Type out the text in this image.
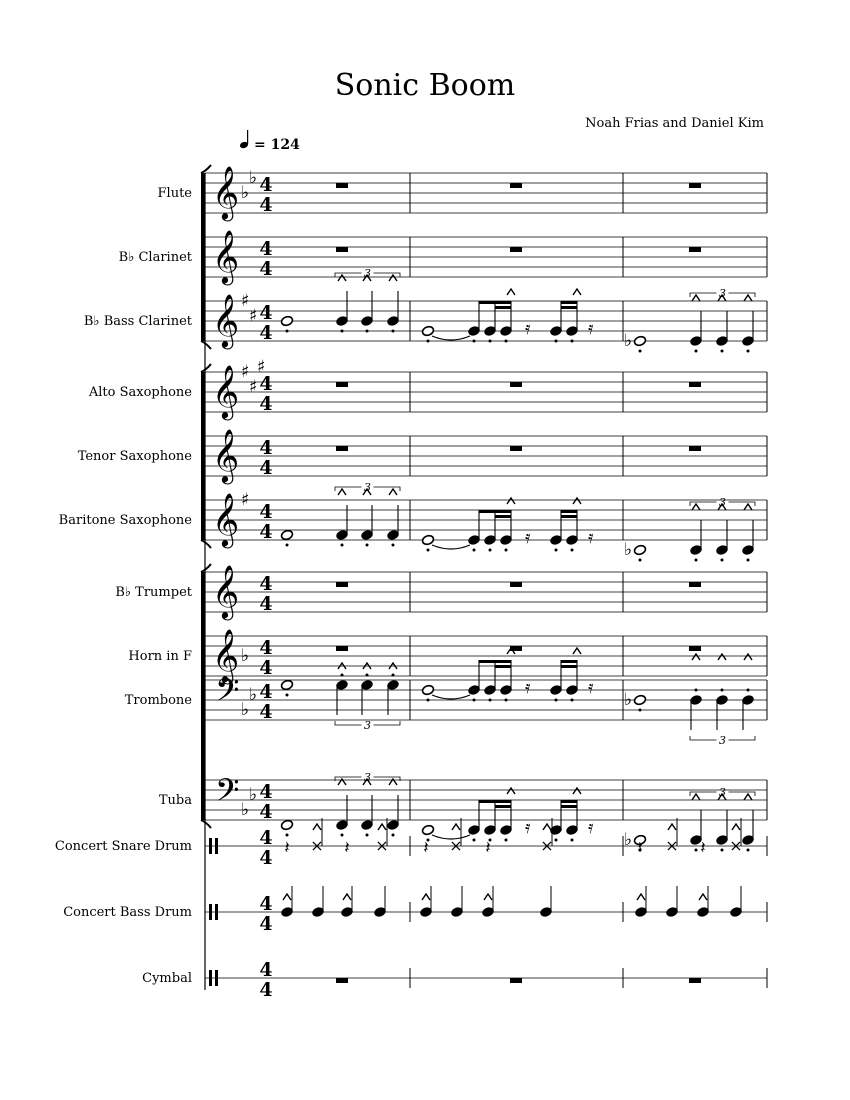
Sonic Boom
Noah Frias and Daniel Kim
= 124
𝄞 ♭
♭ 4
4
Flute
𝄞 4
4
B♭ Clarinet
𝄞 ♯
♯ 4
4
3
𝄿	𝄿
♭
3
B♭ Bass Clarinet
𝄞 ♯
♯
♯
4
4
Alto Saxophone
𝄞 4
4
Tenor Saxophone
𝄞 ♯
4
4
3
𝄿	𝄿
♭
3
Baritone Saxophone
𝄞 4
4
B♭ Trumpet
𝄞 ♭ 4
4
Horn in F
𝄢 ♭
♭ 4
4
3
𝄿	𝄿
♭
3
Trombone
𝄢 ♭
♭ 4
4
3
𝄿	𝄿
♭
3
Tuba
4
4 𝄽 × 𝄽 × 𝄽 × 𝄽	×	𝄽 × 𝄽 ×
Concert Snare Drum
4
4
Concert Bass Drum
4
4
Cymbal
